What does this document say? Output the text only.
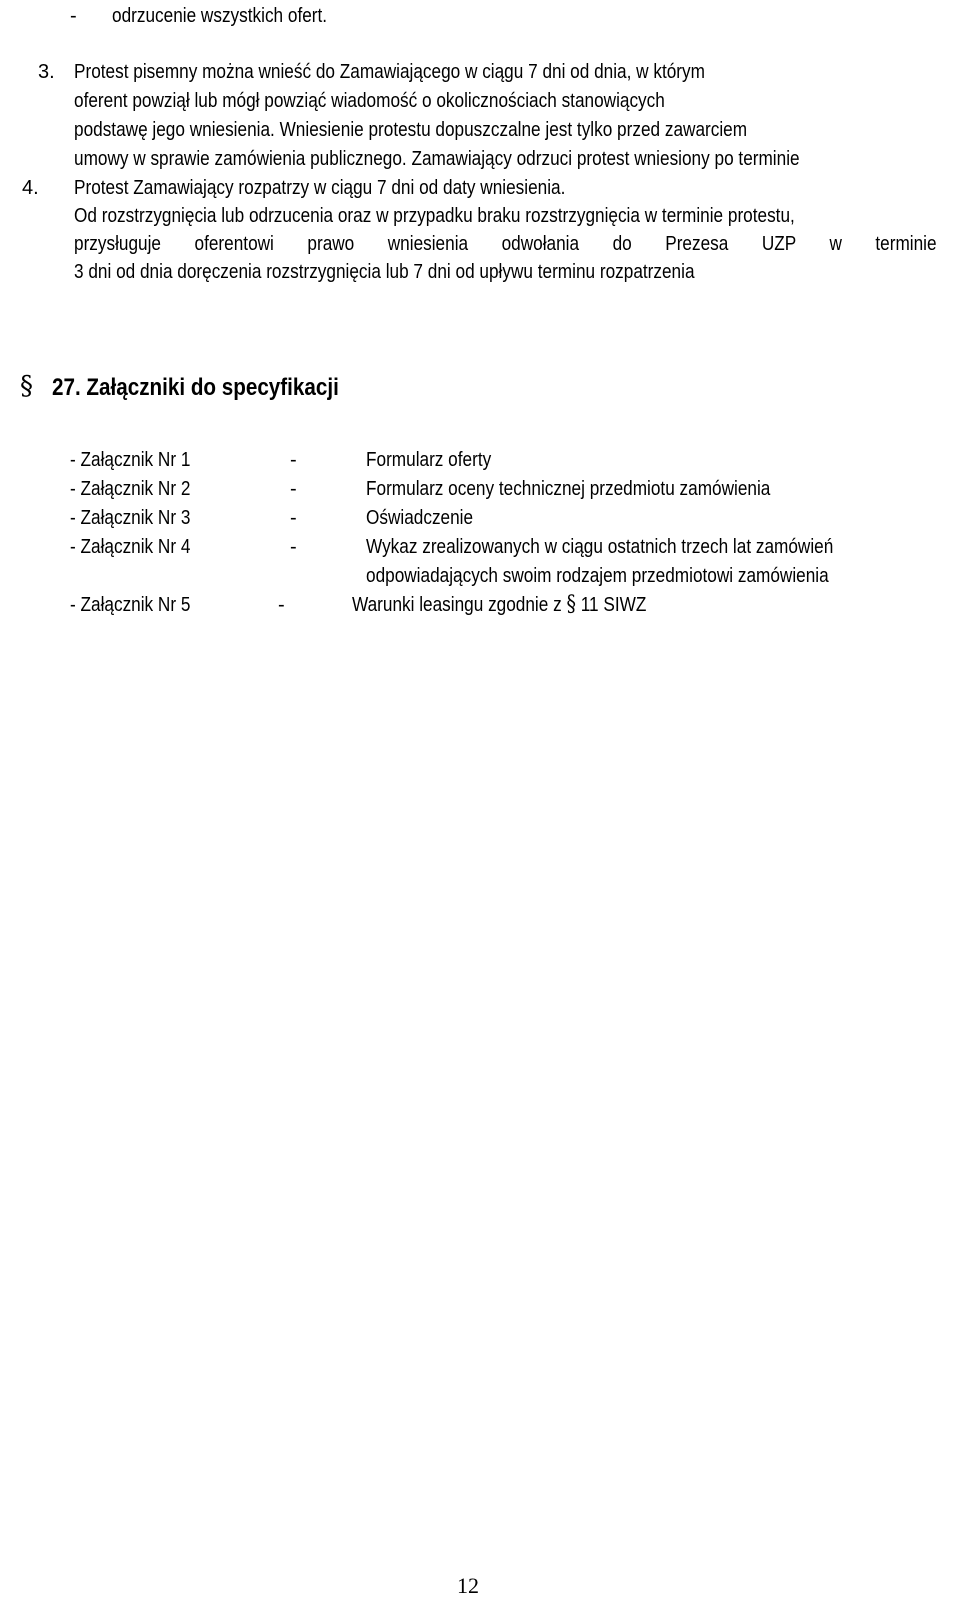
- odrzucenie wszystkich ofert.
3. Protest pisemny można wnieść do Zamawiającego w ciągu 7 dni od dnia, w którym
oferent powziął lub mógł powziąć wiadomość o okolicznościach stanowiących
podstawę jego wniesienia. Wniesienie protestu dopuszczalne jest tylko przed zawarciem
umowy w sprawie zamówienia publicznego. Zamawiający odrzuci protest wniesiony po terminie
4. Protest Zamawiający rozpatrzy w ciągu 7 dni od daty wniesienia.
Od rozstrzygnięcia lub odrzucenia oraz w przypadku braku rozstrzygnięcia w terminie protestu,
przysługuje oferentowi prawo wniesienia odwołania do Prezesa UZP w terminie
3 dni od dnia doręczenia rozstrzygnięcia lub 7 dni od upływu terminu rozpatrzenia
§ 27. Załączniki do specyfikacji
- Załącznik Nr 1	-	Formularz oferty
- Załącznik Nr 2	-	Formularz oceny technicznej przedmiotu zamówienia
- Załącznik Nr 3	-	Oświadczenie
- Załącznik Nr 4	-	Wykaz zrealizowanych w ciągu ostatnich trzech lat zamówień
odpowiadających swoim rodzajem przedmiotowi zamówienia
- Załącznik Nr 5	-	Warunki leasingu zgodnie z § 11 SIWZ
12
